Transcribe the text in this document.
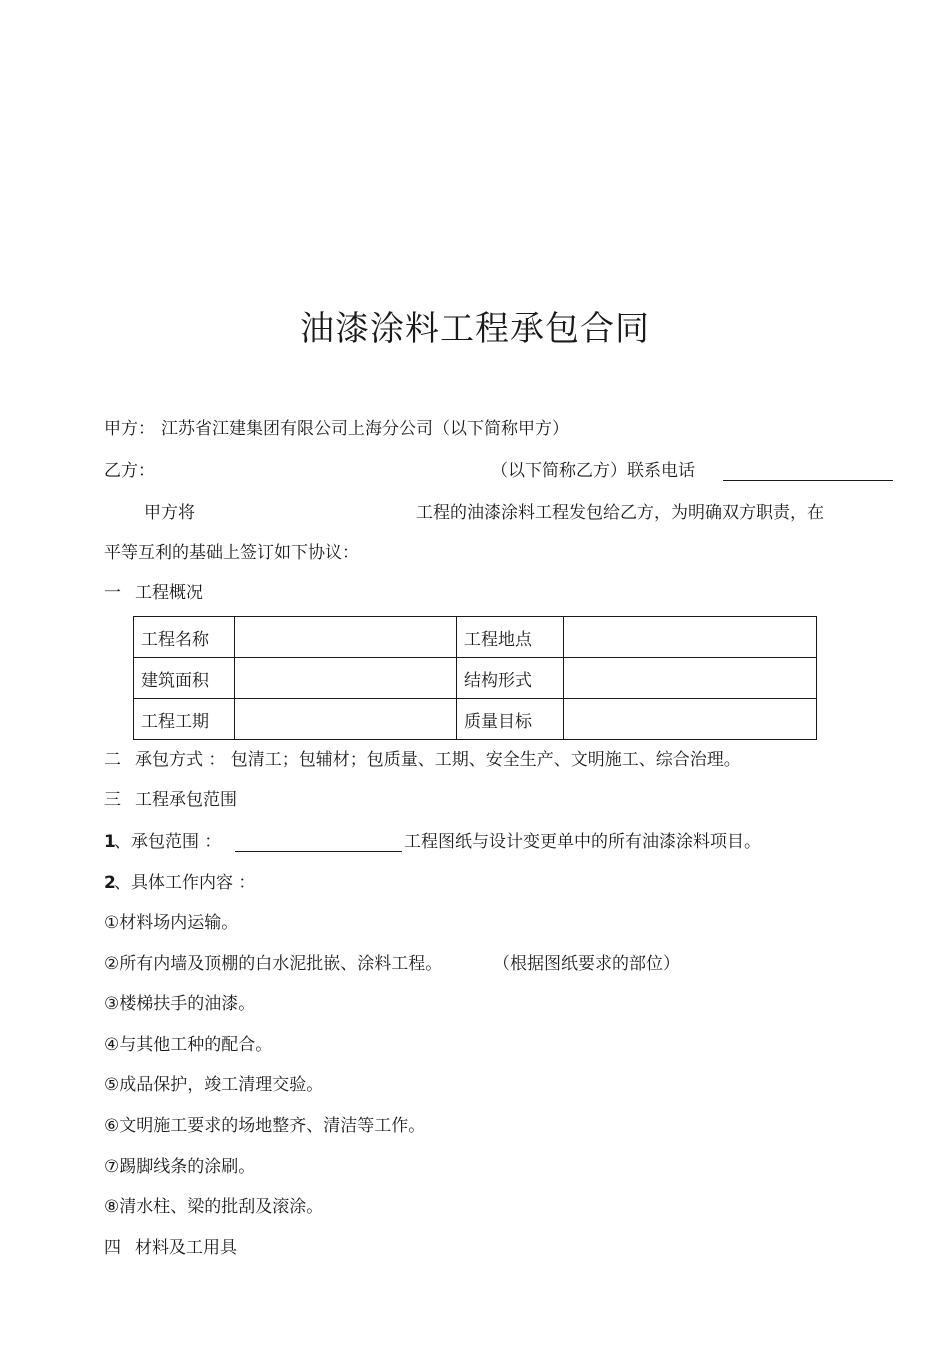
油漆涂料工程承包合同
甲方： 江苏省江建集团有限公司上海分公司（以下简称甲方）
乙方：	（以下简称乙方）联系电话
甲方将	工程的油漆涂料工程发包给乙方，为明确双方职责，在
平等互利的基础上签订如下协议：
一 工程概况
工程名称		工程地点	
建筑面积		结构形式	
工程工期		质量目标	
二 承包方式 ： 包清工；包辅材；包质量、工期、安全生产、文明施工、综合治理。
三 工程承包范围
1
、承包范围 ：	工程图纸与设计变更单中的所有油漆涂料项目。
2
、具体工作内容 ：
①材料场内运输。
②所有内墙及顶棚的白水泥批嵌、涂料工程。	（根据图纸要求的部位）
③楼梯扶手的油漆。
④与其他工种的配合。
⑤成品保护，竣工清理交验。
⑥文明施工要求的场地整齐、清洁等工作。
⑦踢脚线条的涂刷。
⑧清水柱、梁的批刮及滚涂。
四 材料及工用具
